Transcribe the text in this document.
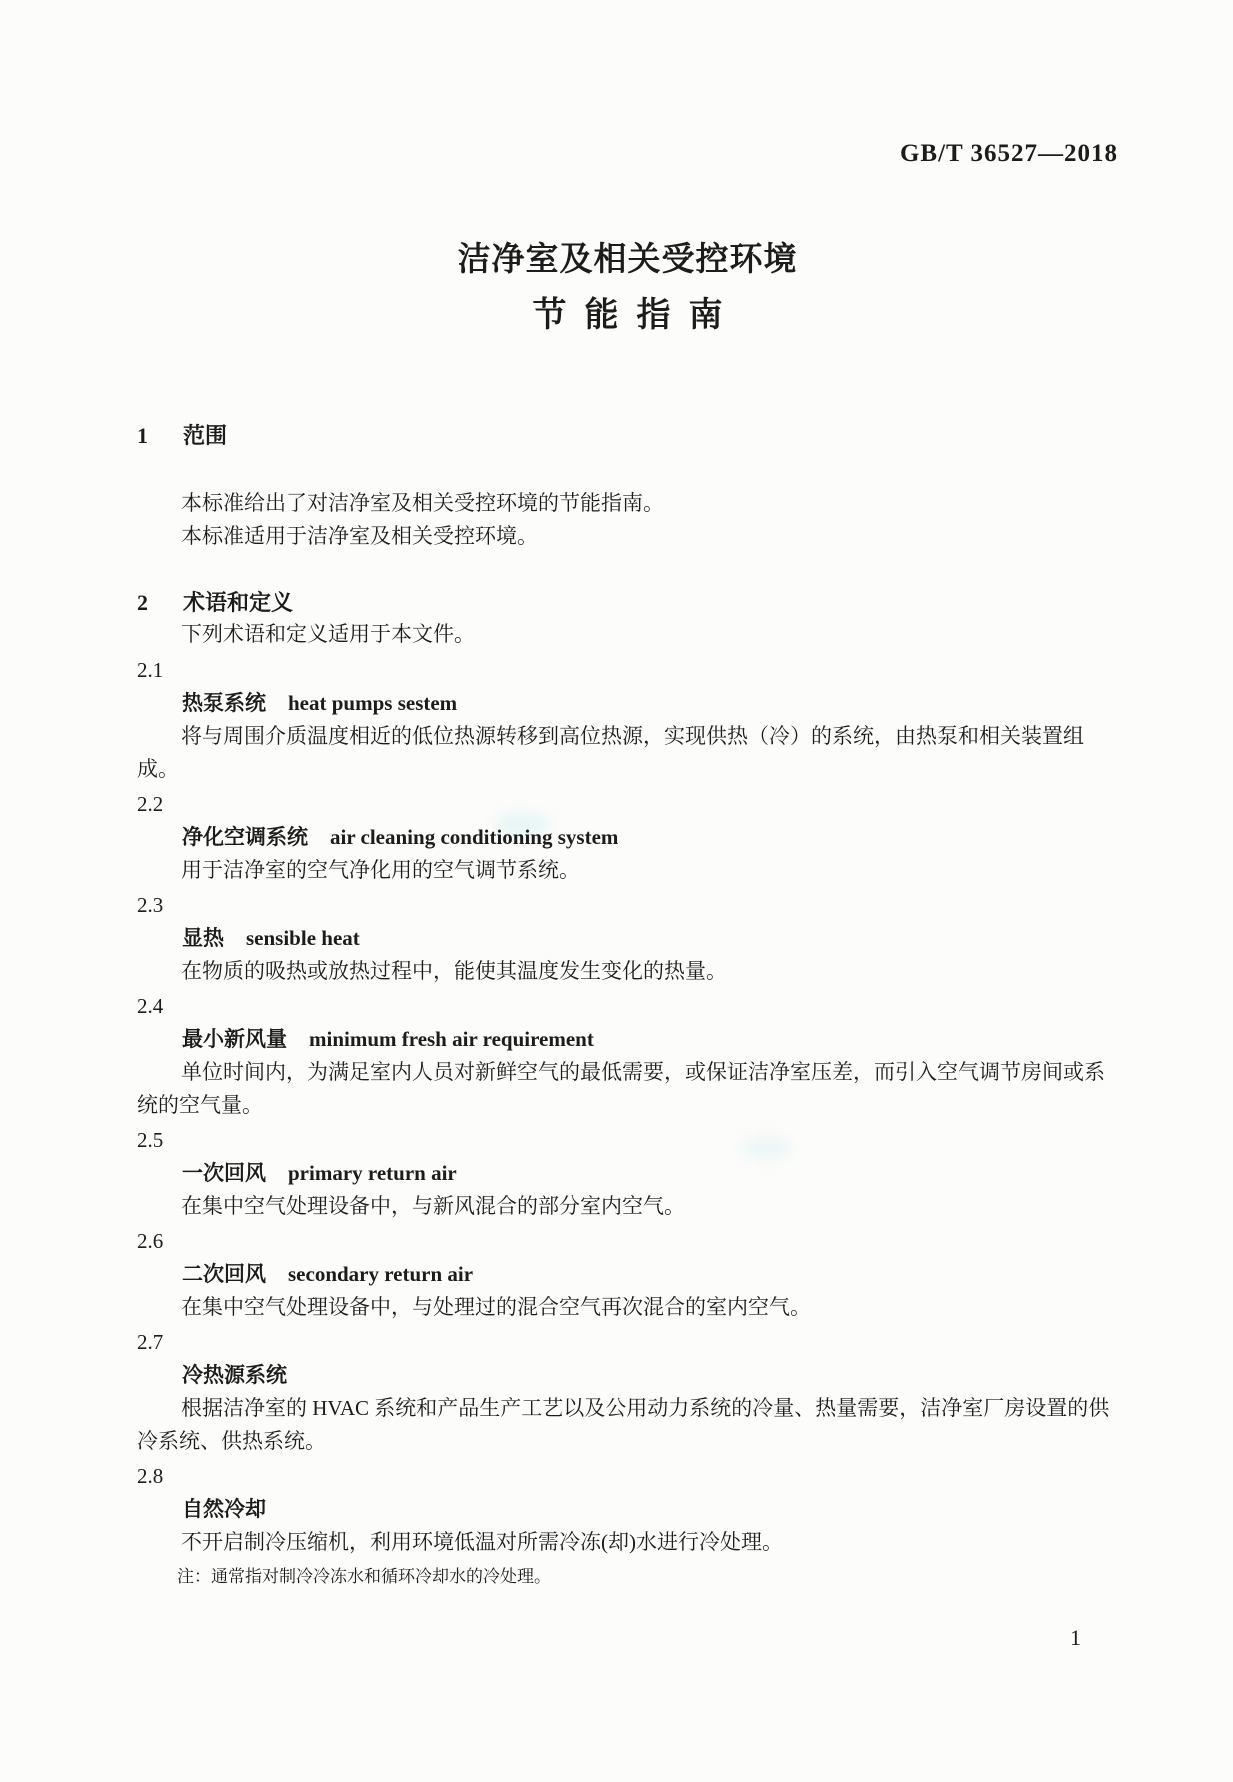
GB/T 36527—2018
洁净室及相关受控环境
节能指南
1 范围

本标准给出了对洁净室及相关受控环境的节能指南。

本标准适用于洁净室及相关受控环境。

2 术语和定义

下列术语和定义适用于本文件。

2.1
热泵系统 heat pumps sestem

将与周围介质温度相近的低位热源转移到高位热源，实现供热（冷）的系统，由热泵和相关装置组成。

2.2
净化空调系统 air cleaning conditioning system

用于洁净室的空气净化用的空气调节系统。

2.3
显热 sensible heat

在物质的吸热或放热过程中，能使其温度发生变化的热量。

2.4
最小新风量 minimum fresh air requirement

单位时间内，为满足室内人员对新鲜空气的最低需要，或保证洁净室压差，而引入空气调节房间或系统的空气量。

2.5
一次回风 primary return air

在集中空气处理设备中，与新风混合的部分室内空气。

2.6
二次回风 secondary return air

在集中空气处理设备中，与处理过的混合空气再次混合的室内空气。

2.7
冷热源系统

根据洁净室的 HVAC 系统和产品生产工艺以及公用动力系统的冷量、热量需要，洁净室厂房设置的供冷系统、供热系统。

2.8
自然冷却

不开启制冷压缩机，利用环境低温对所需冷冻(却)水进行冷处理。

注：通常指对制冷冷冻水和循环冷却水的冷处理。
1
